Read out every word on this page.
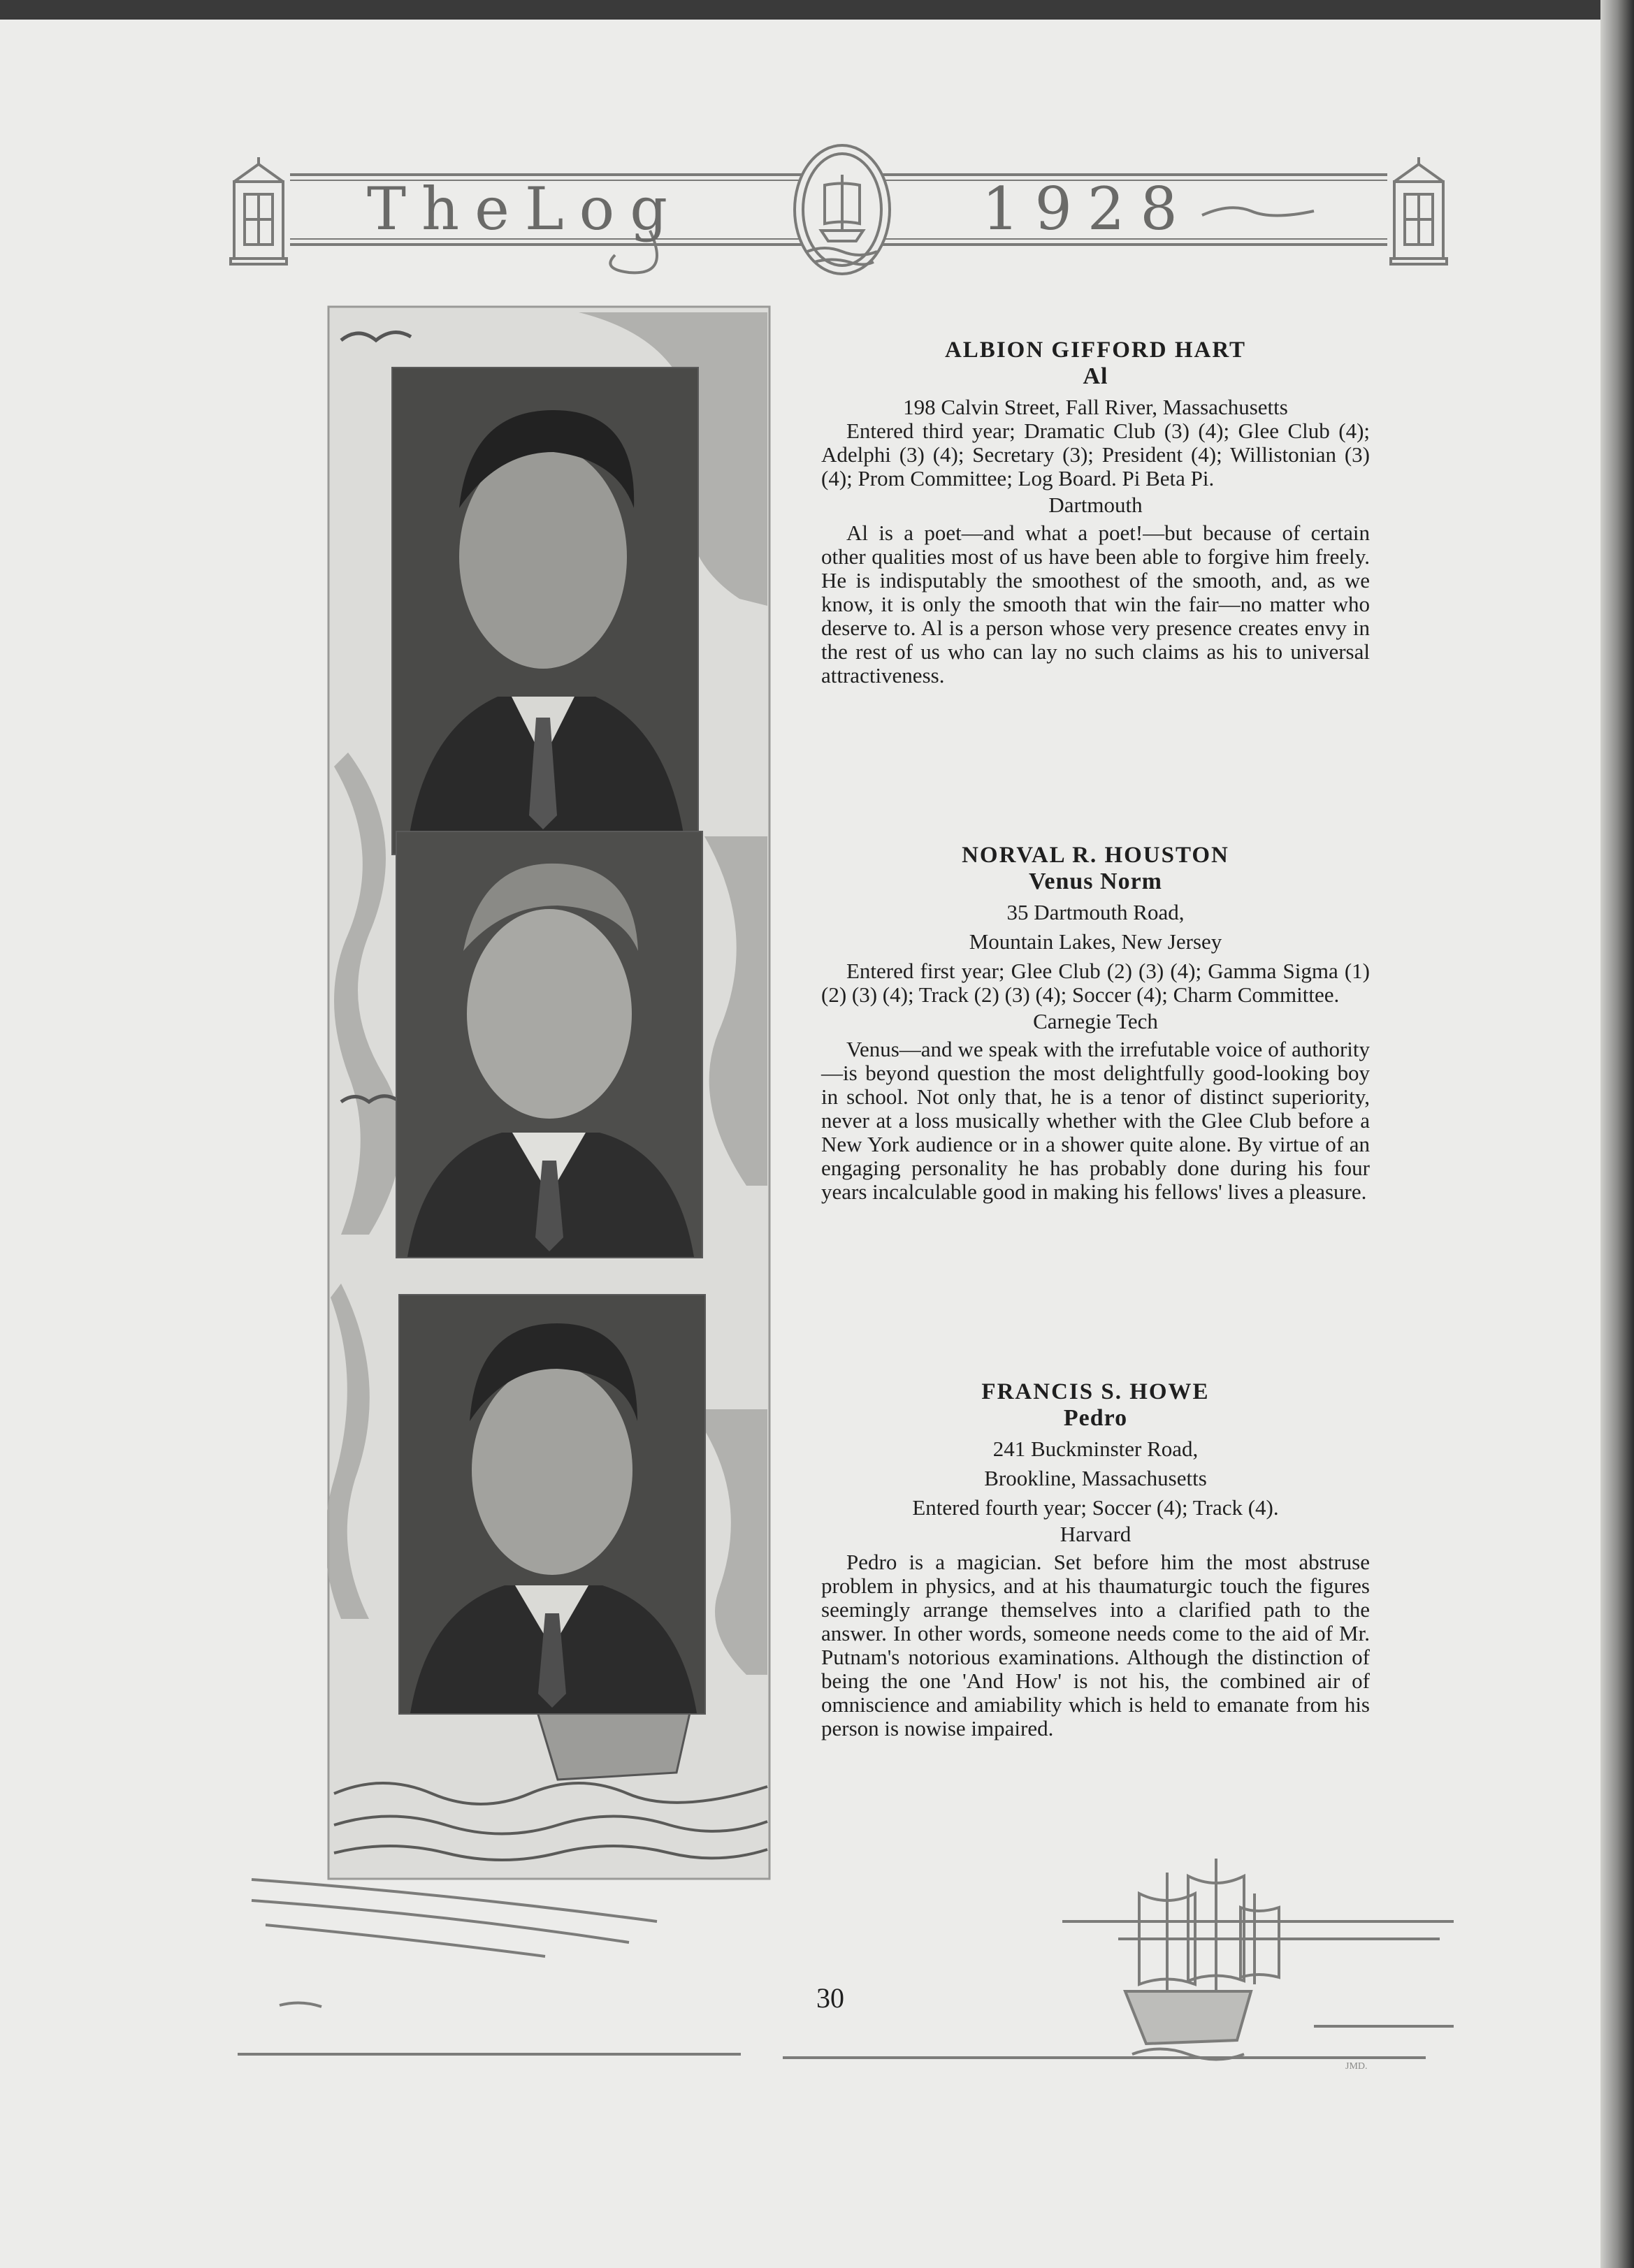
TheLog	1928
ALBION GIFFORD HART
Al
198 Calvin Street, Fall River, Massachusetts
Entered third year; Dramatic Club (3) (4); Glee Club (4); Adelphi (3) (4); Secretary (3); President (4); Willistonian (3) (4); Prom Committee; Log Board. Pi Beta Pi.
Dartmouth
Al is a poet—and what a poet!—but because of certain other qualities most of us have been able to forgive him freely. He is indisputably the smoothest of the smooth, and, as we know, it is only the smooth that win the fair—no matter who deserve to. Al is a person whose very presence creates envy in the rest of us who can lay no such claims as his to universal attractiveness.
NORVAL R. HOUSTON
Venus Norm
35 Dartmouth Road,
Mountain Lakes, New Jersey
Entered first year; Glee Club (2) (3) (4); Gamma Sigma (1) (2) (3) (4); Track (2) (3) (4); Soccer (4); Charm Committee.
Carnegie Tech
Venus—and we speak with the irrefutable voice of authority—is beyond question the most delightfully good-looking boy in school. Not only that, he is a tenor of distinct superiority, never at a loss musically whether with the Glee Club before a New York audience or in a shower quite alone. By virtue of an engaging personality he has probably done during his four years incalculable good in making his fellows' lives a pleasure.
FRANCIS S. HOWE
Pedro
241 Buckminster Road,
Brookline, Massachusetts
Entered fourth year; Soccer (4); Track (4).
Harvard
Pedro is a magician. Set before him the most abstruse problem in physics, and at his thaumaturgic touch the figures seemingly arrange themselves into a clarified path to the answer. In other words, someone needs come to the aid of Mr. Putnam's notorious examinations. Although the distinction of being the one 'And How' is not his, the combined air of omniscience and amiability which is held to emanate from his person is nowise impaired.
30
JMD.
